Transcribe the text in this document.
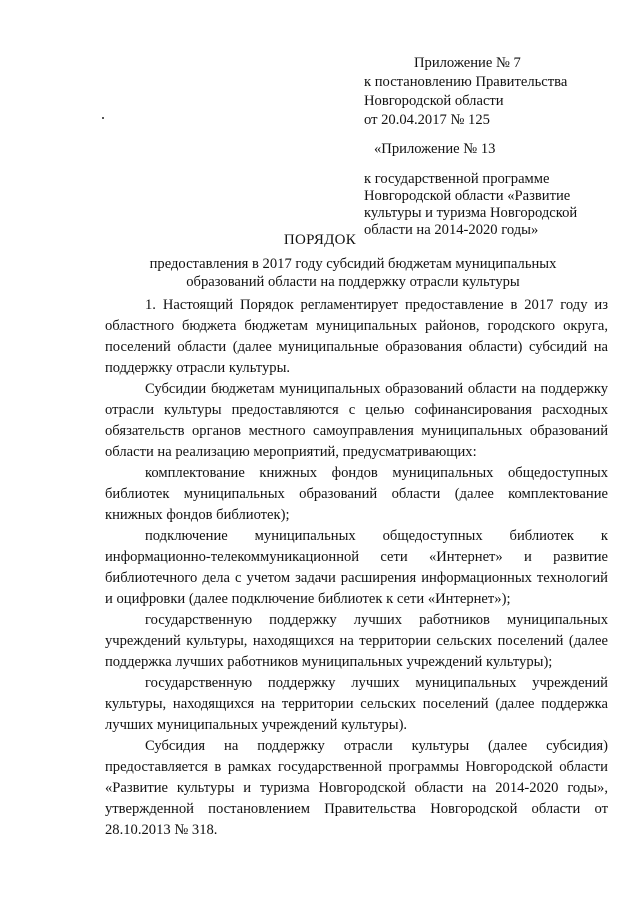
Приложение № 7
к постановлению Правительства
Новгородской области
от 20.04.2017 № 125
«Приложение № 13
к государственной программе
Новгородской области «Развитие
культуры и туризма Новгородской
области на 2014-2020 годы»
ПОРЯДОК
предоставления в 2017 году субсидий бюджетам муниципальных
образований области на поддержку отрасли культуры

1. Настоящий Порядок регламентирует предоставление в 2017 году из областного бюджета бюджетам муниципальных районов, городского округа, поселений области (далее муниципальные образования области) субсидий на поддержку отрасли культуры.

Субсидии бюджетам муниципальных образований области на поддержку отрасли культуры предоставляются с целью софинансирования расходных обязательств органов местного самоуправления муниципальных образований области на реализацию мероприятий, предусматривающих:

комплектование книжных фондов муниципальных общедоступных библиотек муниципальных образований области (далее комплектование книжных фондов библиотек);

подключение муниципальных общедоступных библиотек к информационно-телекоммуникационной сети «Интернет» и развитие библиотечного дела с учетом задачи расширения информационных технологий и оцифровки (далее подключение библиотек к сети «Интернет»);

государственную поддержку лучших работников муниципальных учреждений культуры, находящихся на территории сельских поселений (далее поддержка лучших работников муниципальных учреждений культуры);

государственную поддержку лучших муниципальных учреждений культуры, находящихся на территории сельских поселений (далее поддержка лучших муниципальных учреждений культуры).

Субсидия на поддержку отрасли культуры (далее субсидия) предоставляется в рамках государственной программы Новгородской области «Развитие культуры и туризма Новгородской области на 2014-2020 годы», утвержденной постановлением Правительства Новгородской области от 28.10.2013 № 318.
